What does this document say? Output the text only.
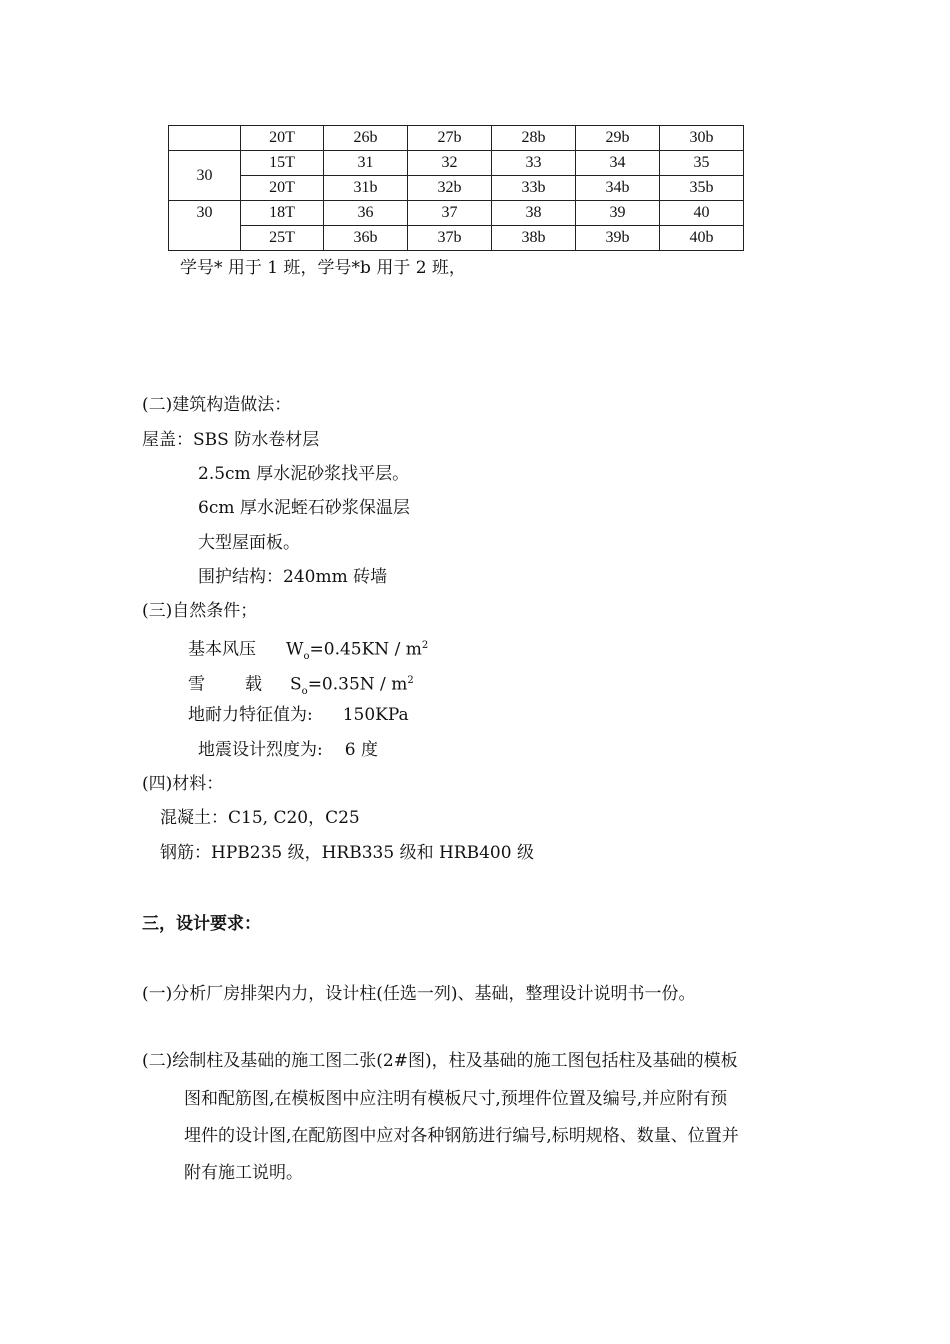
	20T	26b	27b	28b	29b	30b
30	15T	31	32	33	34	35
	20T	31b	32b	33b	34b	35b
30	18T	36	37	38	39	40
	25T	36b	37b	38b	39b	40b
学号* 用于 1 班，学号*b 用于 2 班，
(二)建筑构造做法：
屋盖：SBS 防水卷材层
2.5cm 厚水泥砂浆找平层。
6cm 厚水泥蛭石砂浆保温层
大型屋面板。
围护结构：240mm 砖墙
(三)自然条件；
基本风压 $W_o=0.45KN / m^2$
雪 载 $S_o=0.35N / m^2$
地耐力特征值为: 150KPa
地震设计烈度为: 6 度
(四)材料：
混凝土：C15, C20，C25
钢筋：HPB235 级，HRB335 级和 HRB400 级
三，设计要求：
(一)分析厂房排架内力，设计柱(任选一列)、基础，整理设计说明书一份。
(二)绘制柱及基础的施工图二张(2#图)，柱及基础的施工图包括柱及基础的模板
图和配筋图,在模板图中应注明有模板尺寸,预埋件位置及编号,并应附有预
埋件的设计图,在配筋图中应对各种钢筋进行编号,标明规格、数量、位置并
附有施工说明。
